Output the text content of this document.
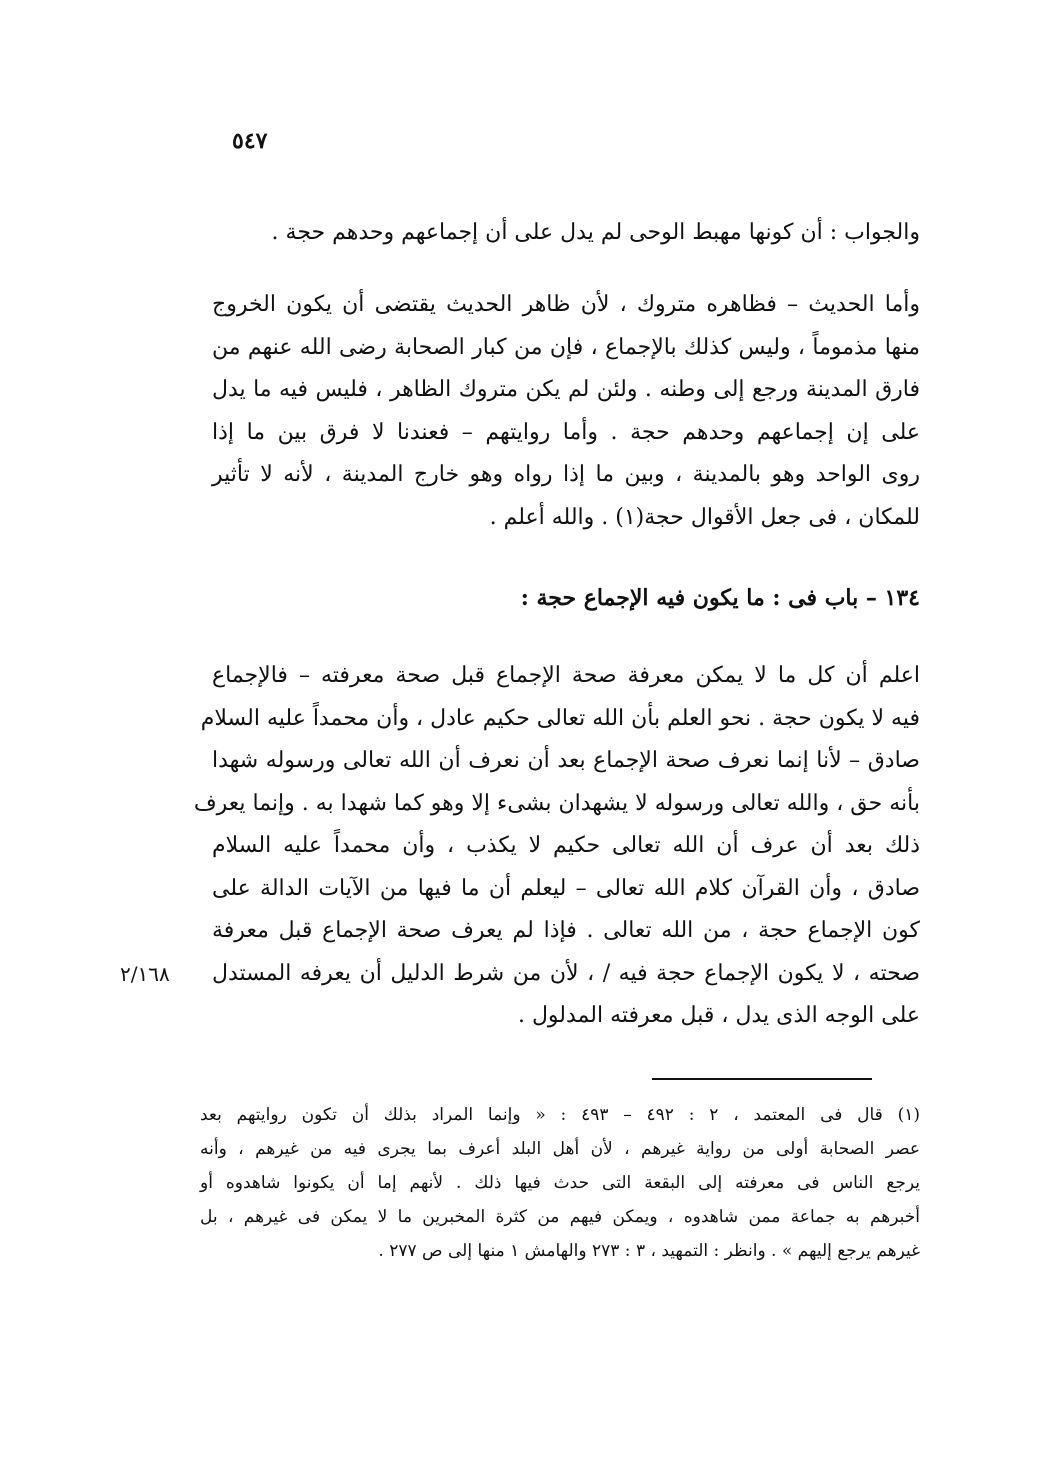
٥٤٧
والجواب : أن كونها مهبط الوحى لم يدل على أن إجماعهم وحدهم حجة .
وأما الحديث – فظاهره متروك ، لأن ظاهر الحديث يقتضى أن يكون الخروج
منها مذموماً ، وليس كذلك بالإجماع ، فإن من كبار الصحابة رضى الله عنهم من
فارق المدينة ورجع إلى وطنه . ولئن لم يكن متروك الظاهر ، فليس فيه ما يدل
على إن إجماعهم وحدهم حجة . وأما روايتهم – فعندنا لا فرق بين ما إذا
روى الواحد وهو بالمدينة ، وبين ما إذا رواه وهو خارج المدينة ، لأنه لا تأثير
للمكان ، فى جعل الأقوال حجة(١) . والله أعلم .
١٣٤ – باب فى : ما يكون فيه الإجماع حجة :
اعلم أن كل ما لا يمكن معرفة صحة الإجماع قبل صحة معرفته – فالإجماع
فيه لا يكون حجة . نحو العلم بأن الله تعالى حكيم عادل ، وأن محمداً عليه السلام
صادق – لأنا إنما نعرف صحة الإجماع بعد أن نعرف أن الله تعالى ورسوله شهدا
بأنه حق ، والله تعالى ورسوله لا يشهدان بشىء إلا وهو كما شهدا به . وإنما يعرف
ذلك بعد أن عرف أن الله تعالى حكيم لا يكذب ، وأن محمداً عليه السلام
صادق ، وأن القرآن كلام الله تعالى – ليعلم أن ما فيها من الآيات الدالة على
كون الإجماع حجة ، من الله تعالى . فإذا لم يعرف صحة الإجماع قبل معرفة
صحته ، لا يكون الإجماع حجة فيه / ، لأن من شرط الدليل أن يعرفه المستدل
على الوجه الذى يدل ، قبل معرفته المدلول .
٢/١٦٨
(١) قال فى المعتمد ، ٢ : ٤٩٢ – ٤٩٣ : « وإنما المراد بذلك أن تكون روايتهم بعد
عصر الصحابة أولى من رواية غيرهم ، لأن أهل البلد أعرف بما يجرى فيه من غيرهم ، وأنه
يرجع الناس فى معرفته إلى البقعة التى حدث فيها ذلك . لأنهم إما أن يكونوا شاهدوه أو
أخبرهم به جماعة ممن شاهدوه ، ويمكن فيهم من كثرة المخبرين ما لا يمكن فى غيرهم ، بل
غيرهم يرجع إليهم » . وانظر : التمهيد ، ٣ : ٢٧٣ والهامش ١ منها إلى ص ٢٧٧ .
